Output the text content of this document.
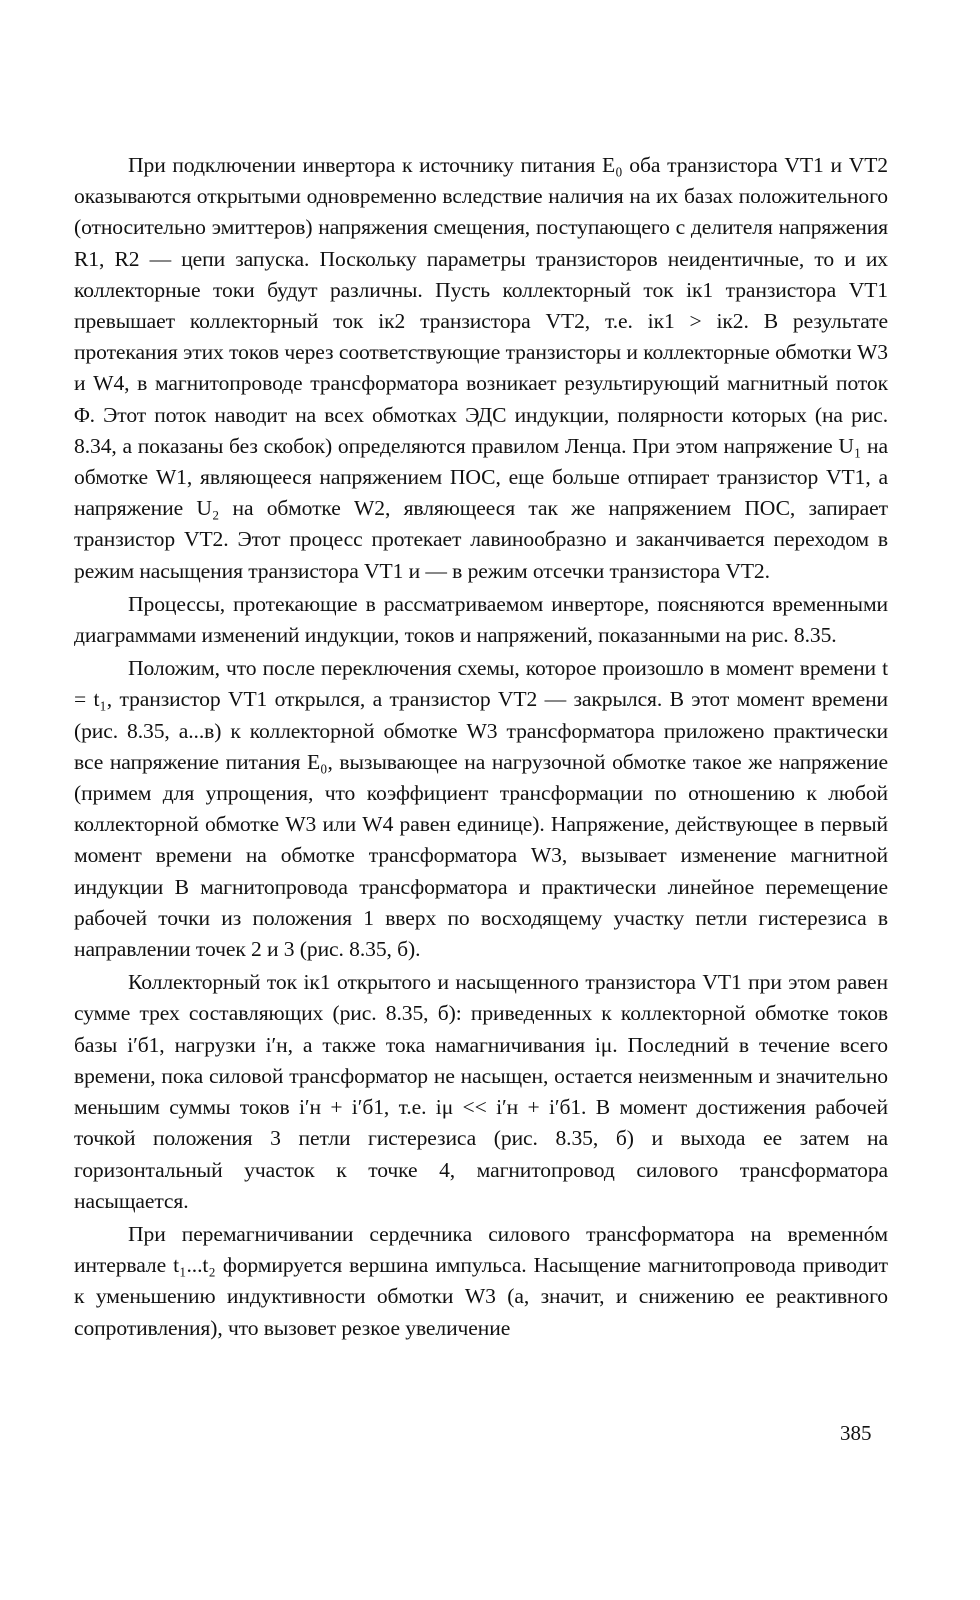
При подключении инвертора к источнику питания E₀ оба транзистора VT1 и VT2 оказываются открытыми одновременно вследствие наличия на их базах положительного (относительно эмиттеров) напряжения смещения, поступающего с делителя напряжения R1, R2 — цепи запуска. Поскольку параметры транзисторов неидентичные, то и их коллекторные токи будут различны. Пусть коллекторный ток iк1 транзистора VT1 превышает коллекторный ток iк2 транзистора VT2, т.е. iк1 > iк2. В результате протекания этих токов через соответствующие транзисторы и коллекторные обмотки W3 и W4, в магнитопроводе трансформатора возникает результирующий магнитный поток Φ. Этот поток наводит на всех обмотках ЭДС индукции, полярности которых (на рис. 8.34, а показаны без скобок) определяются правилом Ленца. При этом напряжение U₁ на обмотке W1, являющееся напряжением ПОС, еще больше отпирает транзистор VT1, а напряжение U₂ на обмотке W2, являющееся так же напряжением ПОС, запирает транзистор VT2. Этот процесс протекает лавинообразно и заканчивается переходом в режим насыщения транзистора VT1 и — в режим отсечки транзистора VT2.

Процессы, протекающие в рассматриваемом инверторе, поясняются временными диаграммами изменений индукции, токов и напряжений, показанными на рис. 8.35.

Положим, что после переключения схемы, которое произошло в момент времени t = t₁, транзистор VT1 открылся, а транзистор VT2 — закрылся. В этот момент времени (рис. 8.35, а...в) к коллекторной обмотке W3 трансформатора приложено практически все напряжение питания E₀, вызывающее на нагрузочной обмотке такое же напряжение (примем для упрощения, что коэффициент трансформации по отношению к любой коллекторной обмотке W3 или W4 равен единице). Напряжение, действующее в первый момент времени на обмотке трансформатора W3, вызывает изменение магнитной индукции B магнитопровода трансформатора и практически линейное перемещение рабочей точки из положения 1 вверх по восходящему участку петли гистерезиса в направлении точек 2 и 3 (рис. 8.35, б).

Коллекторный ток iк1 открытого и насыщенного транзистора VT1 при этом равен сумме трех составляющих (рис. 8.35, б): приведенных к коллекторной обмотке токов базы i′б1, нагрузки i′н, а также тока намагничивания iμ. Последний в течение всего времени, пока силовой трансформатор не насыщен, остается неизменным и значительно меньшим суммы токов i′н + i′б1, т.е. iμ << i′н + i′б1. В момент достижения рабочей точкой положения 3 петли гистерезиса (рис. 8.35, б) и выхода ее затем на горизонтальный участок к точке 4, магнитопровод силового трансформатора насыщается.

При перемагничивании сердечника силового трансформатора на временнóм интервале t₁...t₂ формируется вершина импульса. Насыщение магнитопровода приводит к уменьшению индуктивности обмотки W3 (а, значит, и снижению ее реактивного сопротивления), что вызовет резкое увеличение

385
